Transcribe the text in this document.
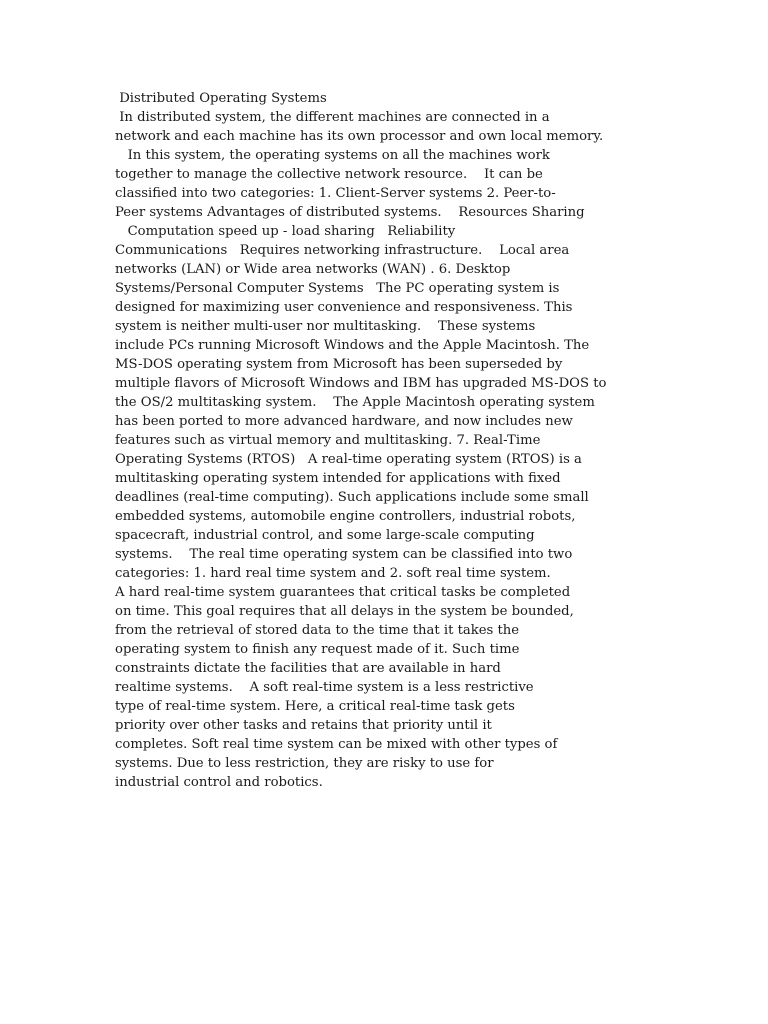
Distributed Operating Systems
In distributed system, the different machines are connected in a
network and each machine has its own processor and own local memory.
In this system, the operating systems on all the machines work
together to manage the collective network resource.    It can be
classified into two categories: 1. Client-Server systems 2. Peer-to-
Peer systems Advantages of distributed systems.    Resources Sharing
Computation speed up - load sharing   Reliability
Communications   Requires networking infrastructure.    Local area
networks (LAN) or Wide area networks (WAN) . 6. Desktop
Systems/Personal Computer Systems   The PC operating system is
designed for maximizing user convenience and responsiveness. This
system is neither multi-user nor multitasking.    These systems
include PCs running Microsoft Windows and the Apple Macintosh. The
MS-DOS operating system from Microsoft has been superseded by
multiple flavors of Microsoft Windows and IBM has upgraded MS-DOS to
the OS/2 multitasking system.    The Apple Macintosh operating system
has been ported to more advanced hardware, and now includes new
features such as virtual memory and multitasking. 7. Real-Time
Operating Systems (RTOS)   A real-time operating system (RTOS) is a
multitasking operating system intended for applications with fixed
deadlines (real-time computing). Such applications include some small
embedded systems, automobile engine controllers, industrial robots,
spacecraft, industrial control, and some large-scale computing
systems.    The real time operating system can be classified into two
categories: 1. hard real time system and 2. soft real time system.
A hard real-time system guarantees that critical tasks be completed
on time. This goal requires that all delays in the system be bounded,
from the retrieval of stored data to the time that it takes the
operating system to finish any request made of it. Such time
constraints dictate the facilities that are available in hard
realtime systems.    A soft real-time system is a less restrictive
type of real-time system. Here, a critical real-time task gets
priority over other tasks and retains that priority until it
completes. Soft real time system can be mixed with other types of
systems. Due to less restriction, they are risky to use for
industrial control and robotics.
